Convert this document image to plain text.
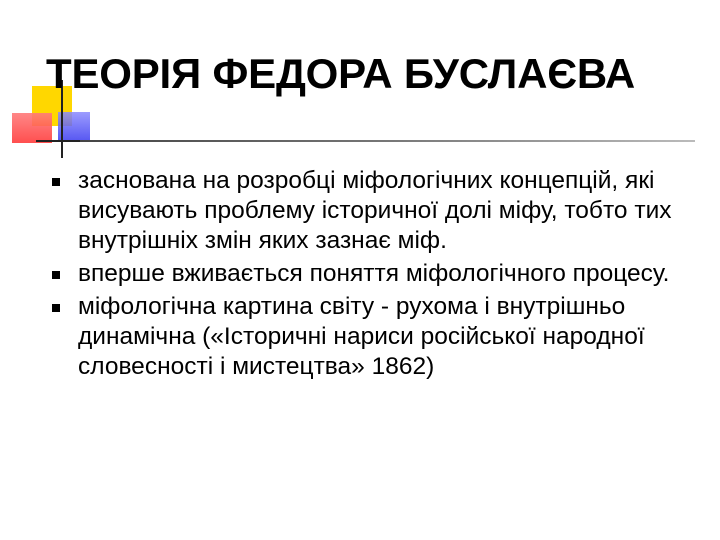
ТЕОРІЯ ФЕДОРА БУСЛАЄВА
заснована на розробці міфологічних концепцій, які висувають проблему історичної долі міфу, тобто тих внутрішніх змін яких зазнає міф.
вперше вживається поняття міфологічного процесу.
міфологічна картина світу - рухома і внутрішньо динамічна («Історичні нариси російської народної словесності і мистецтва» 1862)
